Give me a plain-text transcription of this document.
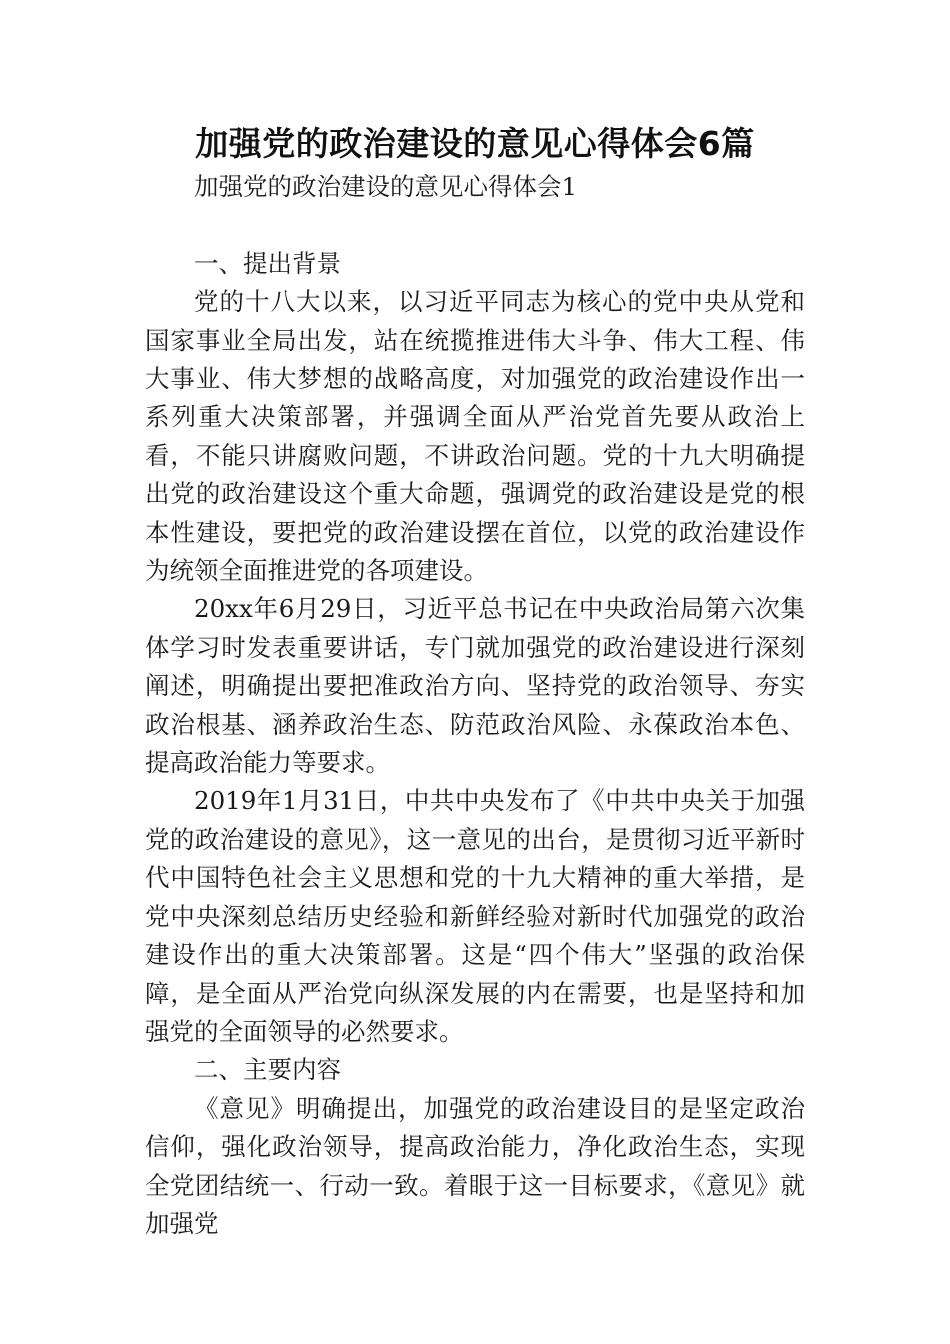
加强党的政治建设的意见心得体会6篇

加强党的政治建设的意见心得体会1

一、提出背景

党的十八大以来，以习近平同志为核心的党中央从党和国家事业全局出发，站在统揽推进伟大斗争、伟大工程、伟大事业、伟大梦想的战略高度，对加强党的政治建设作出一系列重大决策部署，并强调全面从严治党首先要从政治上看，不能只讲腐败问题，不讲政治问题。党的十九大明确提出党的政治建设这个重大命题，强调党的政治建设是党的根本性建设，要把党的政治建设摆在首位，以党的政治建设作为统领全面推进党的各项建设。

20xx年6月29日，习近平总书记在中央政治局第六次集体学习时发表重要讲话，专门就加强党的政治建设进行深刻阐述，明确提出要把准政治方向、坚持党的政治领导、夯实政治根基、涵养政治生态、防范政治风险、永葆政治本色、提高政治能力等要求。

2019年1月31日，中共中央发布了《中共中央关于加强党的政治建设的意见》，这一意见的出台，是贯彻习近平新时代中国特色社会主义思想和党的十九大精神的重大举措，是党中央深刻总结历史经验和新鲜经验对新时代加强党的政治建设作出的重大决策部署。这是“四个伟大”坚强的政治保障，是全面从严治党向纵深发展的内在需要，也是坚持和加强党的全面领导的必然要求。

二、主要内容

《意见》明确提出，加强党的政治建设目的是坚定政治信仰，强化政治领导，提高政治能力，净化政治生态，实现全党团结统一、行动一致。着眼于这一目标要求，《意见》就加强党
